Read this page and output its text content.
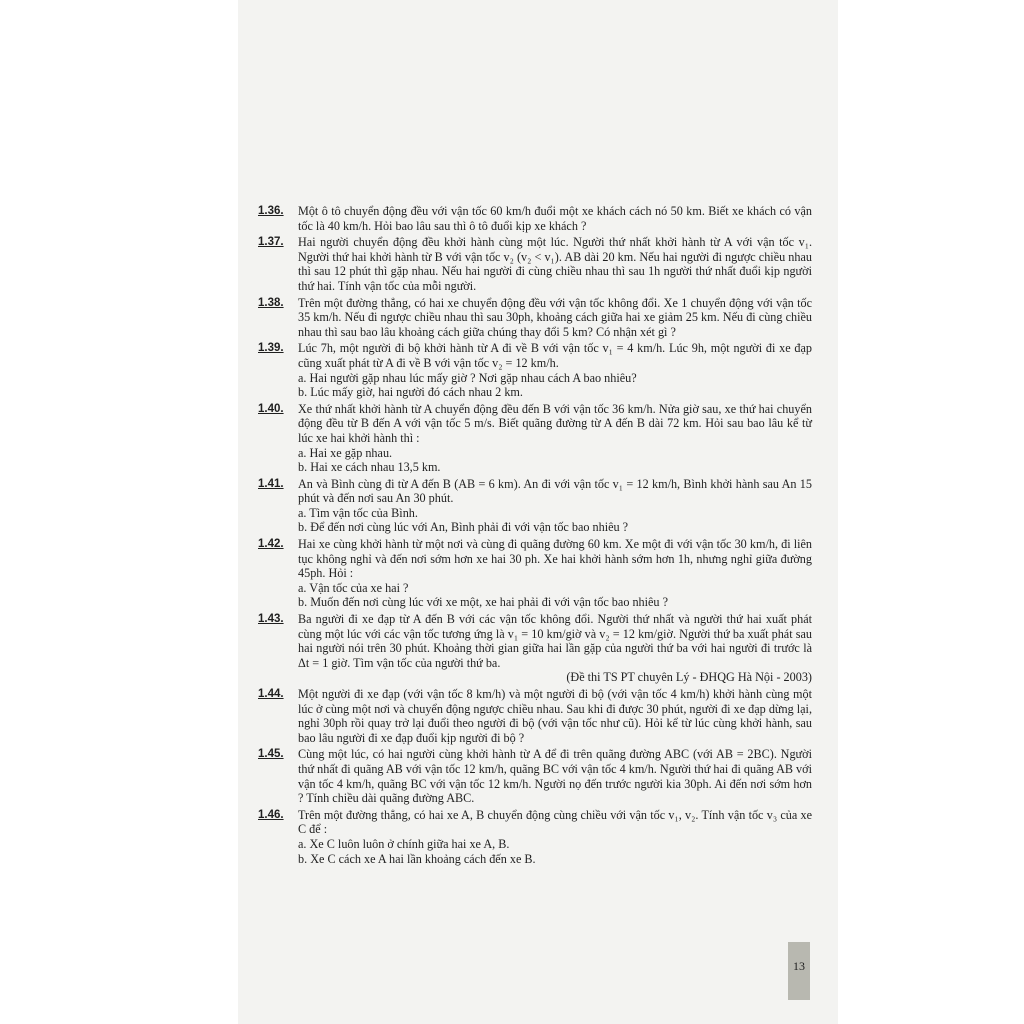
1.36.	Một ô tô chuyển động đều với vận tốc 60 km/h đuổi một xe khách cách nó 50 km. Biết xe khách có vận tốc là 40 km/h. Hỏi bao lâu sau thì ô tô đuổi kịp xe khách ?

1.37.	Hai người chuyển động đều khởi hành cùng một lúc. Người thứ nhất khởi hành từ A với vận tốc v₁. Người thứ hai khởi hành từ B với vận tốc v₂ (v₂ < v₁). AB dài 20 km. Nếu hai người đi ngược chiều nhau thì sau 12 phút thì gặp nhau. Nếu hai người đi cùng chiều nhau thì sau 1h người thứ nhất đuổi kịp người thứ hai. Tính vận tốc của mỗi người.

1.38.	Trên một đường thẳng, có hai xe chuyển động đều với vận tốc không đổi. Xe 1 chuyển động với vận tốc 35 km/h. Nếu đi ngược chiều nhau thì sau 30ph, khoảng cách giữa hai xe giảm 25 km. Nếu đi cùng chiều nhau thì sau bao lâu khoảng cách giữa chúng thay đổi 5 km? Có nhận xét gì ?

1.39.	Lúc 7h, một người đi bộ khởi hành từ A đi về B với vận tốc v₁ = 4 km/h. Lúc 9h, một người đi xe đạp cũng xuất phát từ A đi về B với vận tốc v₂ = 12 km/h.

a. Hai người gặp nhau lúc mấy giờ ? Nơi gặp nhau cách A bao nhiêu?

b. Lúc mấy giờ, hai người đó cách nhau 2 km.

1.40.	Xe thứ nhất khởi hành từ A chuyển động đều đến B với vận tốc 36 km/h. Nửa giờ sau, xe thứ hai chuyển động đều từ B đến A với vận tốc 5 m/s. Biết quãng đường từ A đến B dài 72 km. Hỏi sau bao lâu kể từ lúc xe hai khởi hành thì :

a. Hai xe gặp nhau.

b. Hai xe cách nhau 13,5 km.

1.41.	An và Bình cùng đi từ A đến B (AB = 6 km). An đi với vận tốc v₁ = 12 km/h, Bình khởi hành sau An 15 phút và đến nơi sau An 30 phút.

a. Tìm vận tốc của Bình.

b. Để đến nơi cùng lúc với An, Bình phải đi với vận tốc bao nhiêu ?

1.42.	Hai xe cùng khởi hành từ một nơi và cùng đi quãng đường 60 km. Xe một đi với vận tốc 30 km/h, đi liên tục không nghỉ và đến nơi sớm hơn xe hai 30 ph. Xe hai khởi hành sớm hơn 1h, nhưng nghỉ giữa đường 45ph. Hỏi :

a. Vận tốc của xe hai ?

b. Muốn đến nơi cùng lúc với xe một, xe hai phải đi với vận tốc bao nhiêu ?

1.43.	Ba người đi xe đạp từ A đến B với các vận tốc không đổi. Người thứ nhất và người thứ hai xuất phát cùng một lúc với các vận tốc tương ứng là v₁ = 10 km/giờ và v₂ = 12 km/giờ. Người thứ ba xuất phát sau hai người nói trên 30 phút. Khoảng thời gian giữa hai lần gặp của người thứ ba với hai người đi trước là Δt = 1 giờ. Tìm vận tốc của người thứ ba.

(Đề thi TS PT chuyên Lý - ĐHQG Hà Nội - 2003)

1.44.	Một người đi xe đạp (với vận tốc 8 km/h) và một người đi bộ (với vận tốc 4 km/h) khởi hành cùng một lúc ở cùng một nơi và chuyển động ngược chiều nhau. Sau khi đi được 30 phút, người đi xe đạp dừng lại, nghỉ 30ph rồi quay trở lại đuổi theo người đi bộ (với vận tốc như cũ). Hỏi kể từ lúc cùng khởi hành, sau bao lâu người đi xe đạp đuổi kịp người đi bộ ?

1.45.	Cùng một lúc, có hai người cùng khởi hành từ A để đi trên quãng đường ABC (với AB = 2BC). Người thứ nhất đi quãng AB với vận tốc 12 km/h, quãng BC với vận tốc 4 km/h. Người thứ hai đi quãng AB với vận tốc 4 km/h, quãng BC với vận tốc 12 km/h. Người nọ đến trước người kia 30ph. Ai đến nơi sớm hơn ? Tính chiều dài quãng đường ABC.

1.46.	Trên một đường thẳng, có hai xe A, B chuyển động cùng chiều với vận tốc v₁, v₂. Tính vận tốc v₃ của xe C để :

a. Xe C luôn luôn ở chính giữa hai xe A, B.

b. Xe C cách xe A hai lần khoảng cách đến xe B.

13
